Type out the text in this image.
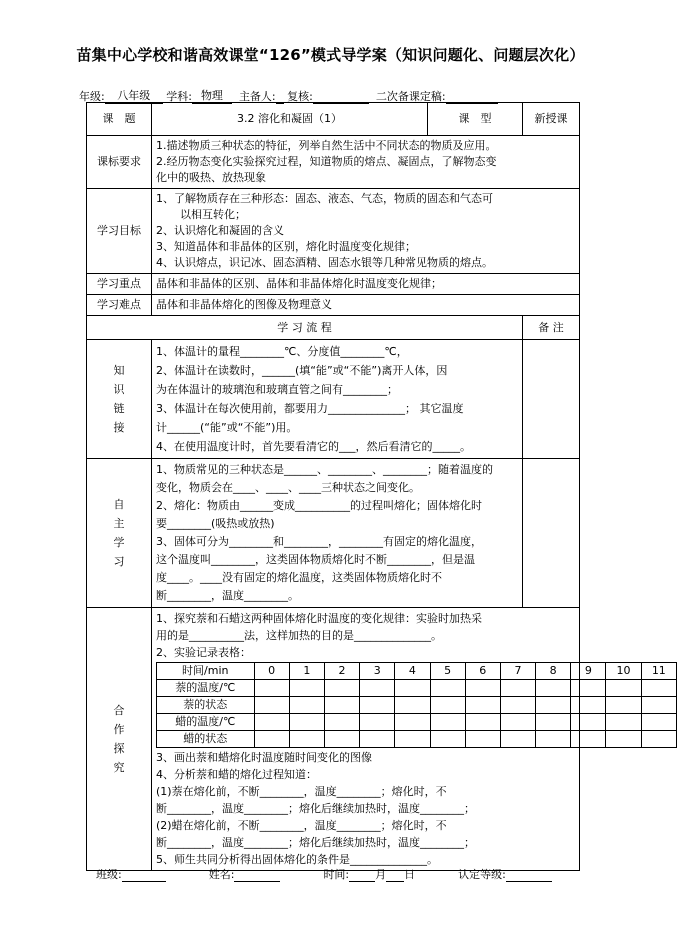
苗集中心学校和谐高效课堂“126”模式导学案（知识问题化、问题层次化）
年级: 八年级 学科: 物理 主备人: 复核:	二次备课定稿:
课　题	3.2 溶化和凝固（1）	课　型	新授课
课标要求	
1.描述物质三种状态的特征，列举自然生活中不同状态的物质及应用。
2.经历物态变化实验探究过程，知道物质的熔点、凝固点，了解物态变
化中的吸热、放热现象

学习目标	
1、了解物质存在三种形态：固态、液态、气态，物质的固态和气态可
以相互转化；
2、认识熔化和凝固的含义
3、知道晶体和非晶体的区别，熔化时温度变化规律；
4、认识熔点，识记冰、固态酒精、固态水银等几种常见物质的熔点。

学习重点	晶体和非晶体的区别、晶体和非晶体熔化时温度变化规律；
学习难点	晶体和非晶体熔化的图像及物理意义
学 习 流 程	备 注

知识链接

1、体温计的量程________℃、分度值________℃，
2、体温计在读数时，______(填“能”或“不能”)离开人体，因
为在体温计的玻璃泡和玻璃直管之间有________；
3、体温计在每次使用前，都要用力______________； 其它温度
计______(“能”或“不能”)用。
4、在使用温度计时，首先要看清它的___，然后看清它的_____。

自主学习

1、物质常见的三种状态是______、________、________；随着温度的
变化，物质会在____、____、____三种状态之间变化。
2、熔化：物质由______变成__________的过程叫熔化；固体熔化时
要________(吸热或放热)
3、固体可分为________和________，________有固定的熔化温度，
这个温度叫________，这类固体物质熔化时不断________，但是温
度____。____没有固定的熔化温度，这类固体物质熔化时不
断________，温度________。

合作探究

1、探究萘和石蜡这两种固体熔化时温度的变化规律：实验时加热采
用的是__________法，这样加热的目的是______________。
2、实验记录表格：
时间/min	0	1	2	3	4	5	6	7	8	9	10	11
萘的温度/℃												
萘的状态												
蜡的温度/℃												
蜡的状态												
3、画出萘和蜡熔化时温度随时间变化的图像
4、分析萘和蜡的熔化过程知道：
(1)萘在熔化前，不断________，温度________；熔化时，不
断________，温度________；熔化后继续加热时，温度________；
(2)蜡在熔化前，不断________，温度________；熔化时，不
断________，温度________；熔化后继续加热时，温度________；
5、师生共同分析得出固体熔化的条件是______________。
班级:	姓名:	时间: 月 日	认定等级:
